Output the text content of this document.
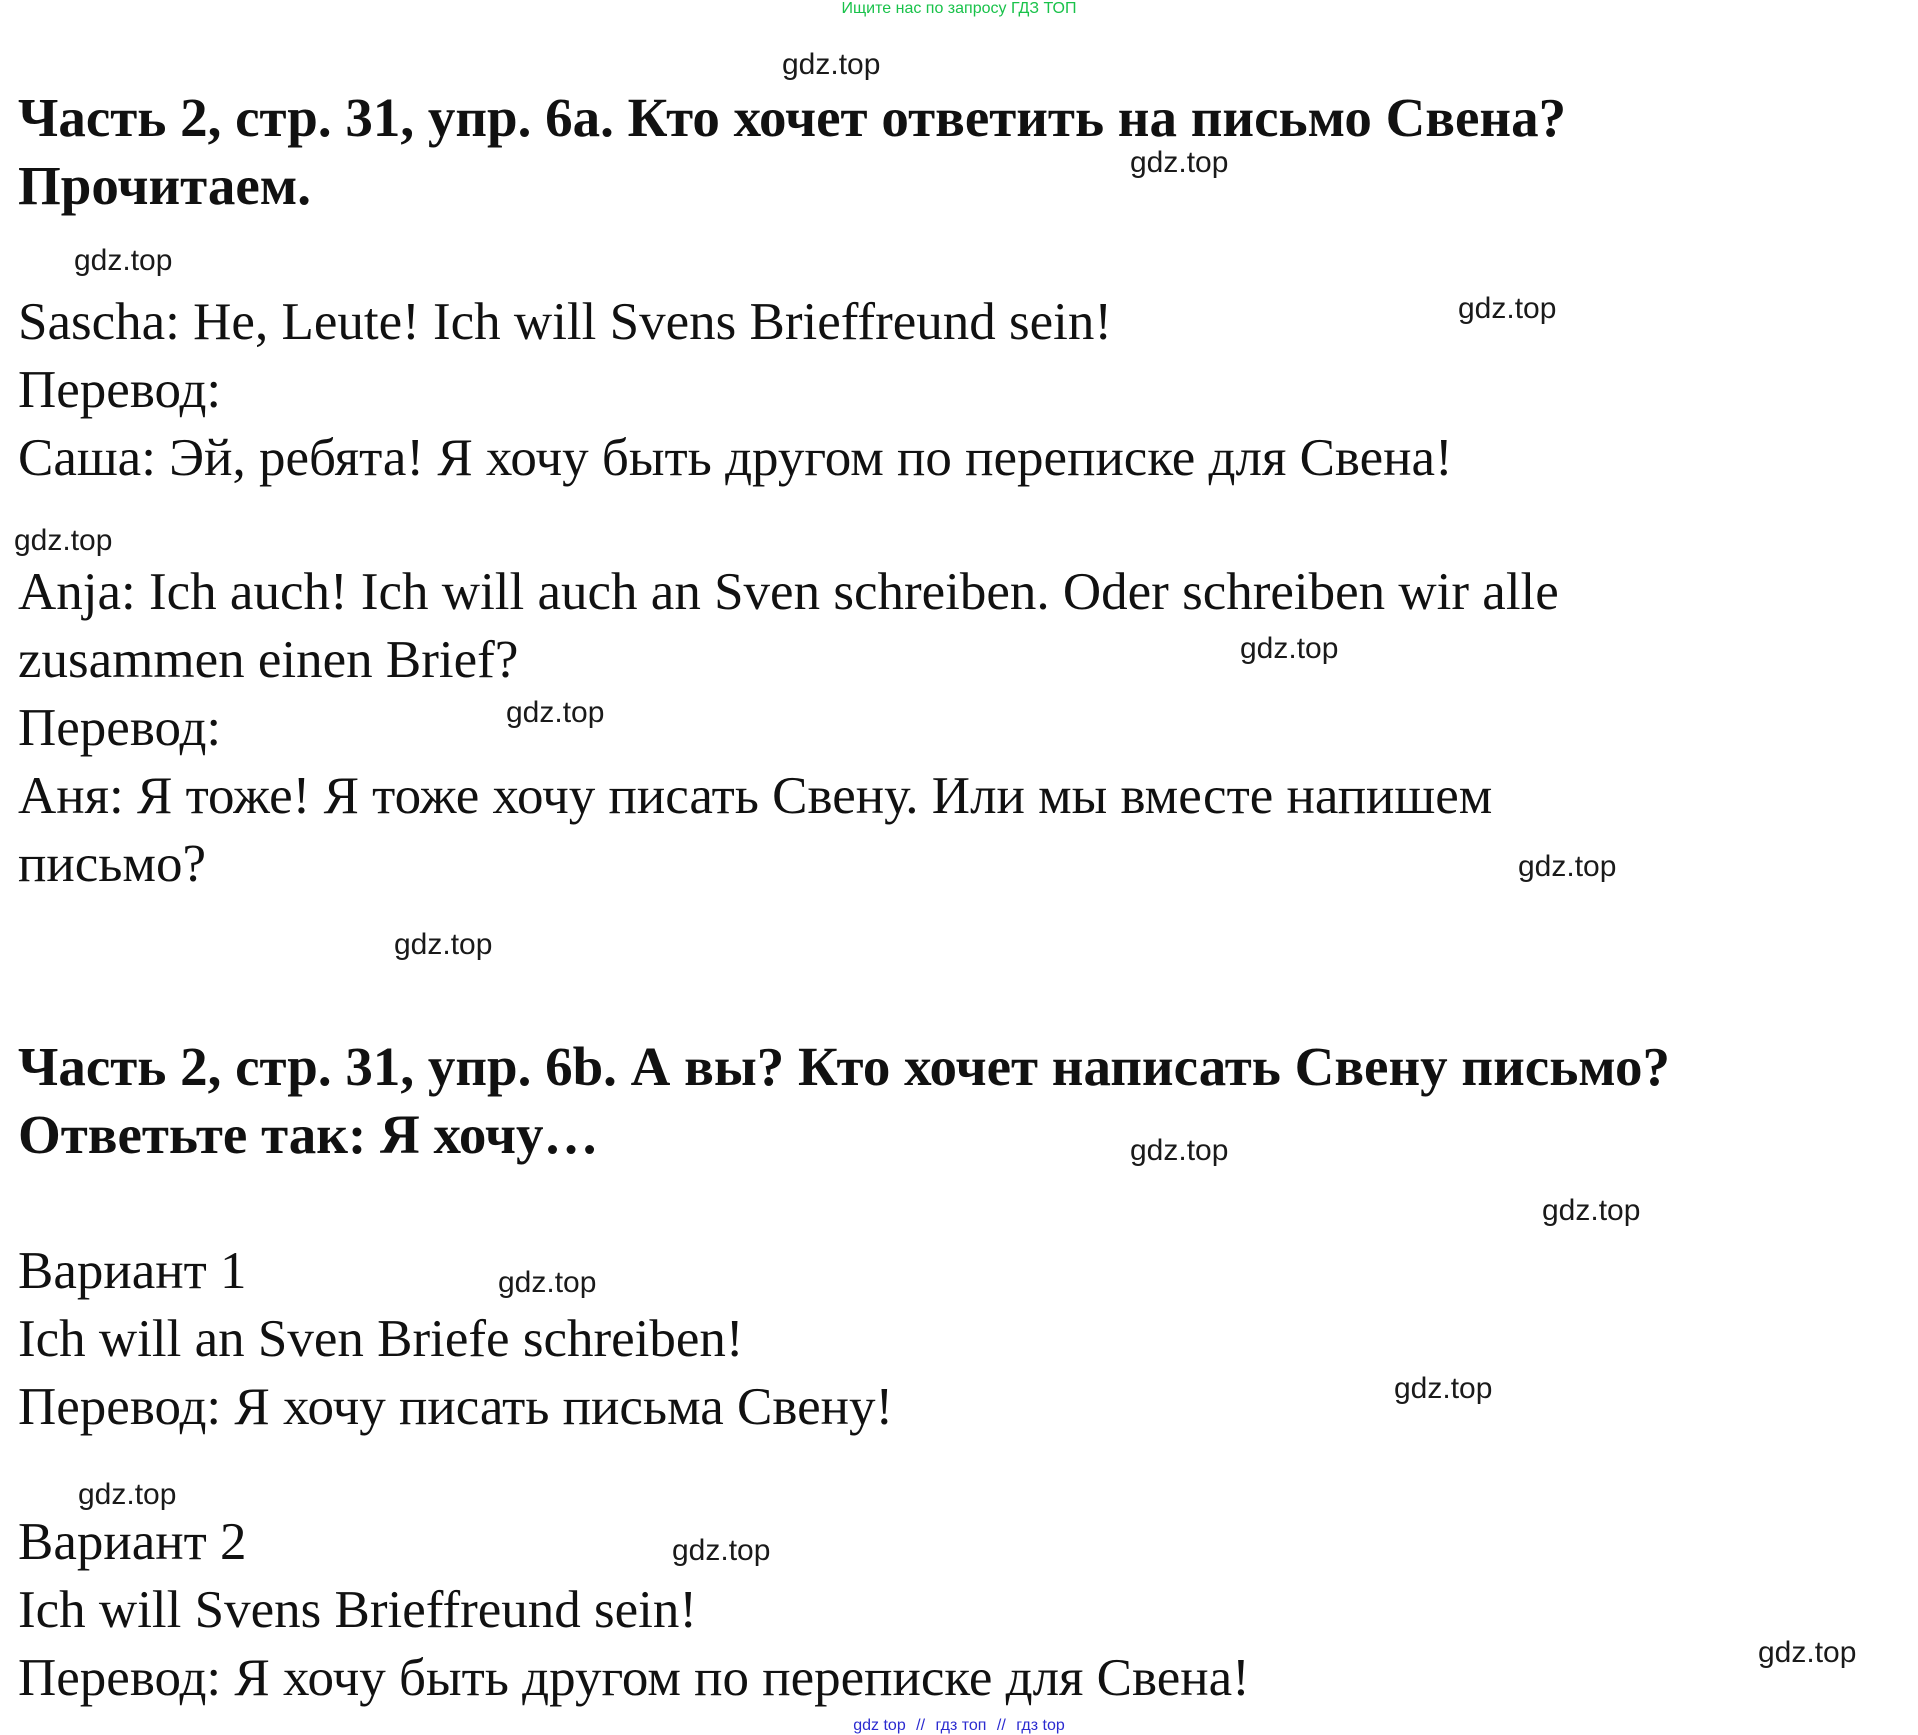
Ищите нас по запросу ГДЗ ТОП
Часть 2, стр. 31, упр. 6a. Кто хочет ответить на письмо Свена?
Прочитаем.
Sascha: He, Leute! Ich will Svens Brieffreund sein!
Перевод:
Саша: Эй, ребята! Я хочу быть другом по переписке для Свена!
Anja: Ich auch! Ich will auch an Sven schreiben. Oder schreiben wir alle
zusammen einen Brief?
Перевод:
Аня: Я тоже! Я тоже хочу писать Свену. Или мы вместе напишем
письмо?
Часть 2, стр. 31, упр. 6b. А вы? Кто хочет написать Свену письмо?
Ответьте так: Я хочу…
Вариант 1
Ich will an Sven Briefe schreiben!
Перевод: Я хочу писать письма Свену!
Вариант 2
Ich will Svens Brieffreund sein!
Перевод: Я хочу быть другом по переписке для Свена!
gdz.top
gdz.top
gdz.top
gdz.top
gdz.top
gdz.top
gdz.top
gdz.top
gdz.top
gdz.top
gdz.top
gdz.top
gdz.top
gdz.top
gdz.top
gdz.top
gdz top // гдз топ // гдз top
